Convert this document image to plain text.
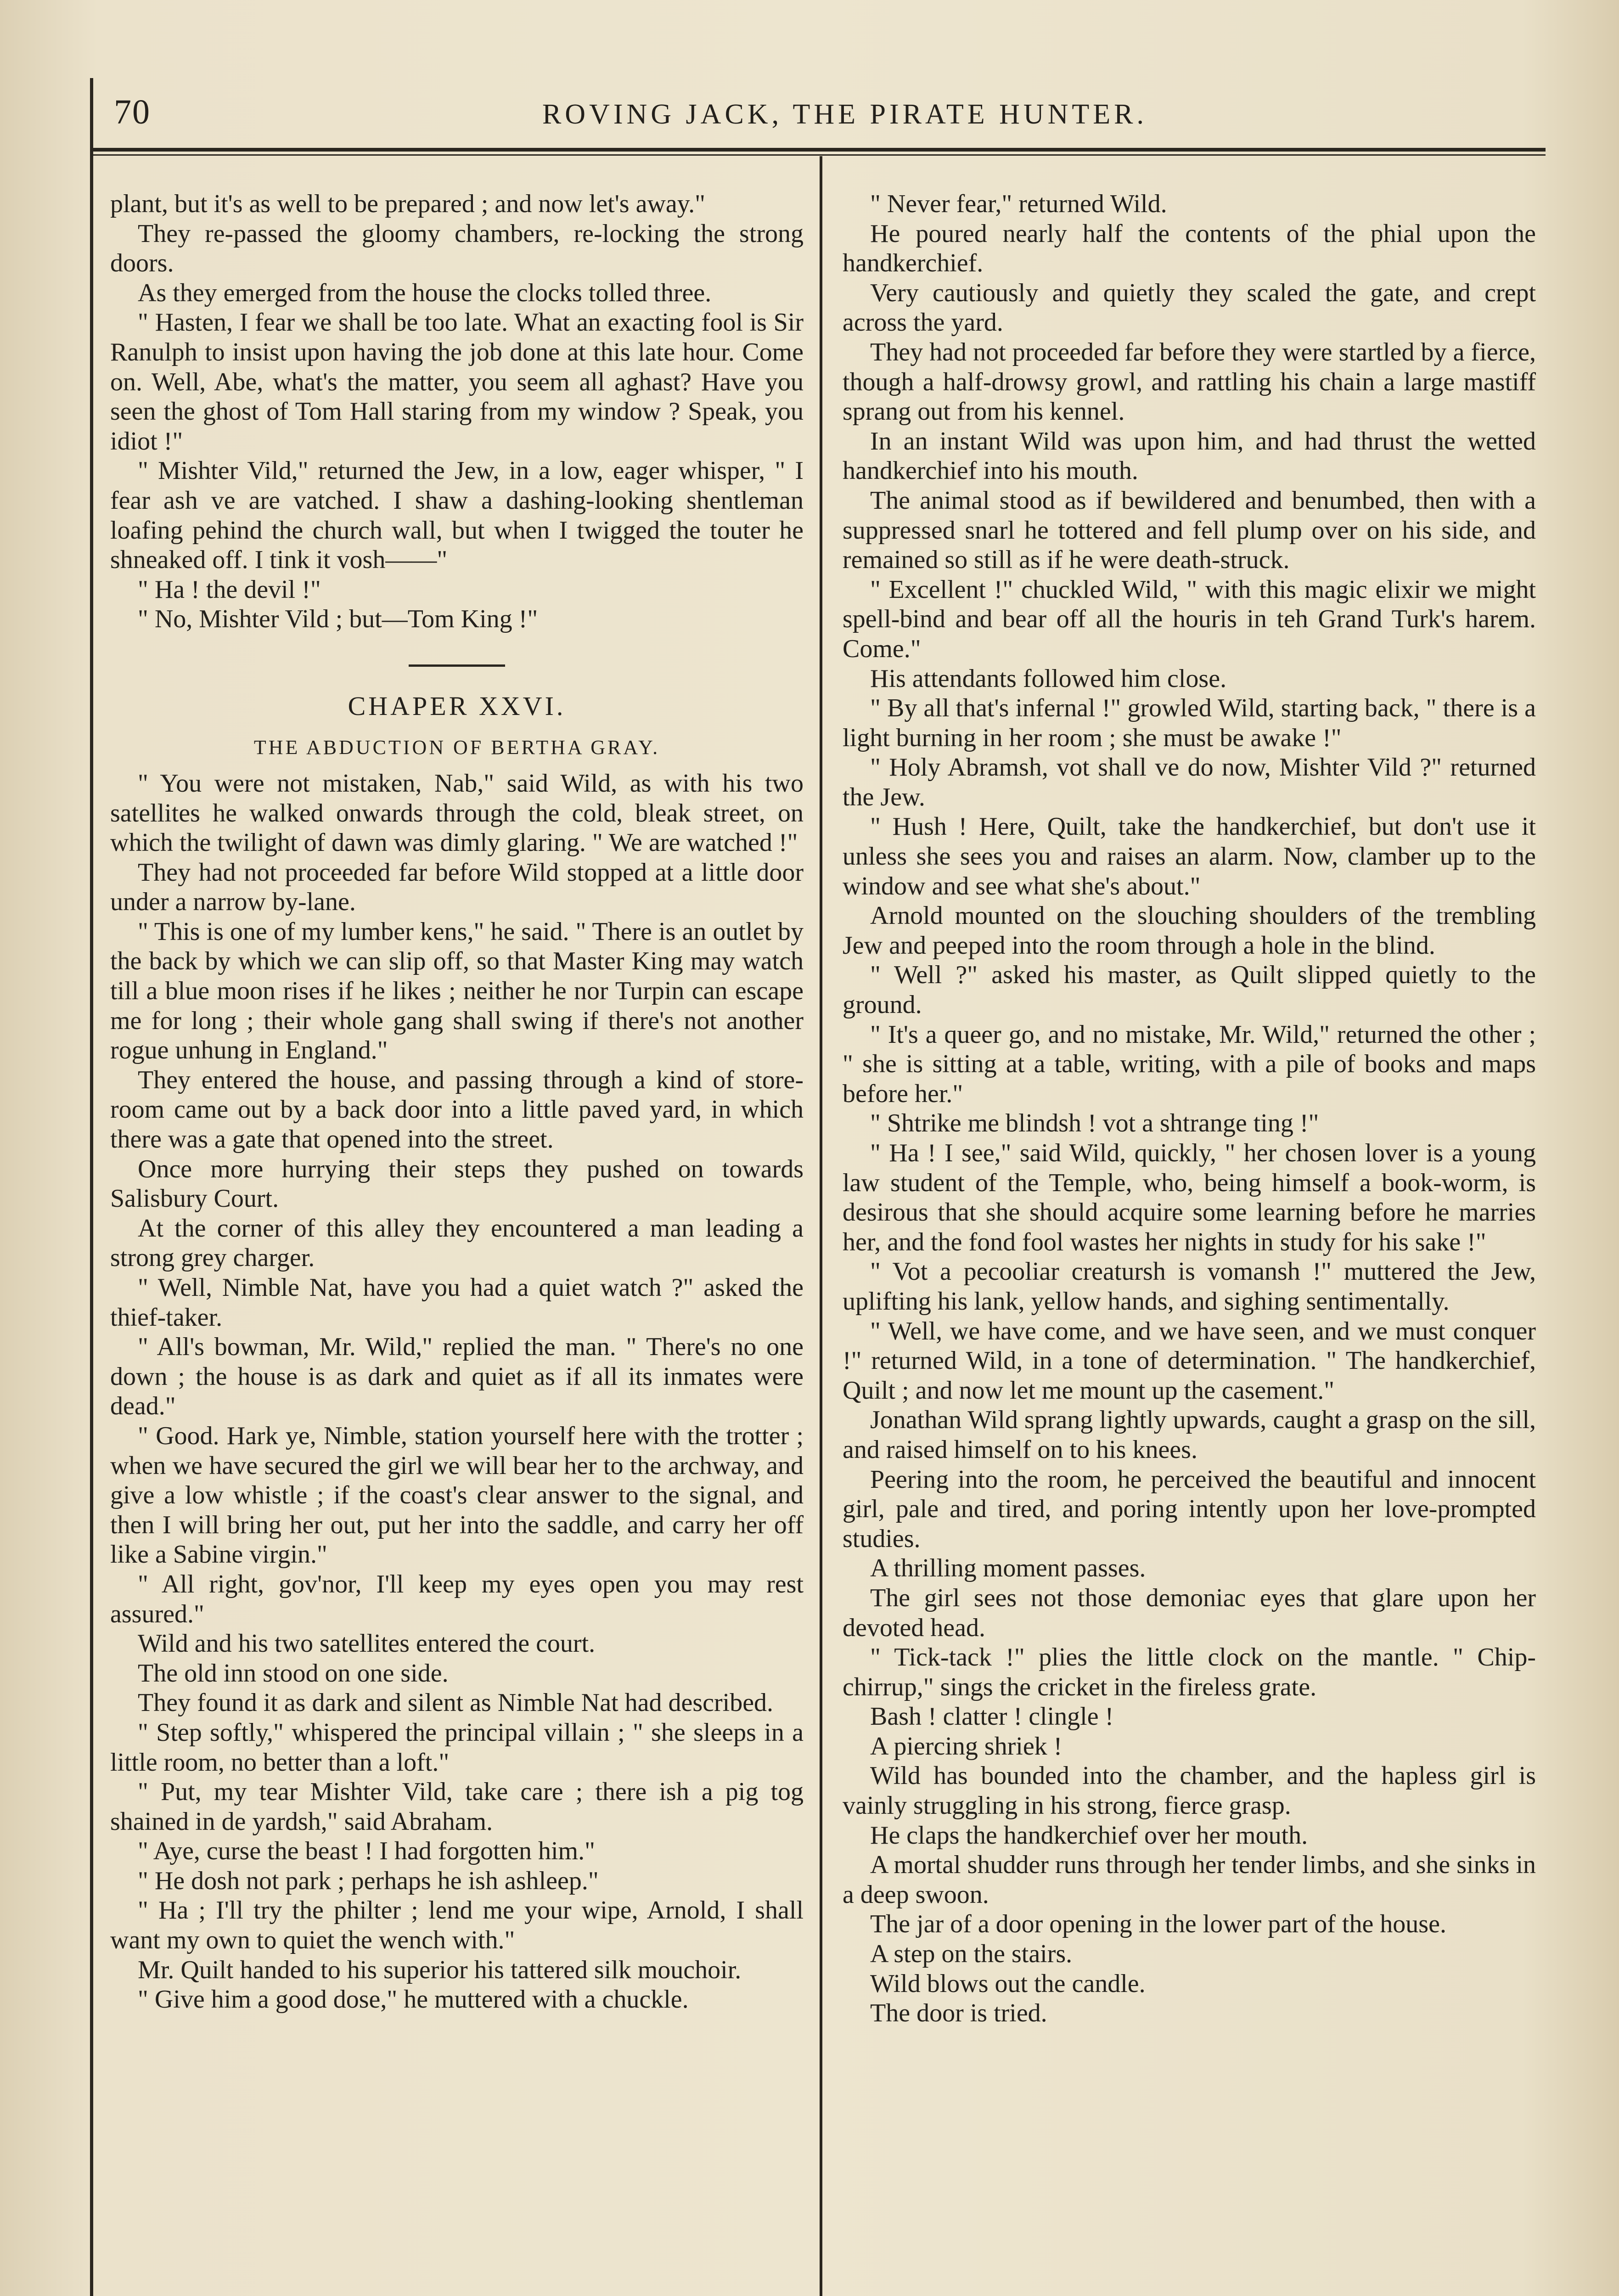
70	ROVING JACK, THE PIRATE HUNTER.

plant, but it's as well to be prepared ; and now let's away."

They re-passed the gloomy chambers, re-locking the strong doors.

As they emerged from the house the clocks tolled three.

" Hasten, I fear we shall be too late. What an exacting fool is Sir Ranulph to insist upon having the job done at this late hour. Come on. Well, Abe, what's the matter, you seem all aghast? Have you seen the ghost of Tom Hall staring from my window ? Speak, you idiot !"

" Mishter Vild," returned the Jew, in a low, eager whisper, " I fear ash ve are vatched. I shaw a dashing-looking shentleman loafing pehind the church wall, but when I twigged the touter he shneaked off. I tink it vosh——"

" Ha ! the devil !"

" No, Mishter Vild ; but—Tom King !"

CHAPER XXVI.

THE ABDUCTION OF BERTHA GRAY.

" You were not mistaken, Nab," said Wild, as with his two satellites he walked onwards through the cold, bleak street, on which the twilight of dawn was dimly glaring. " We are watched !"

They had not proceeded far before Wild stopped at a little door under a narrow by-lane.

" This is one of my lumber kens," he said. " There is an outlet by the back by which we can slip off, so that Master King may watch till a blue moon rises if he likes ; neither he nor Turpin can escape me for long ; their whole gang shall swing if there's not another rogue unhung in England."

They entered the house, and passing through a kind of store-room came out by a back door into a little paved yard, in which there was a gate that opened into the street.

Once more hurrying their steps they pushed on towards Salisbury Court.

At the corner of this alley they encountered a man leading a strong grey charger.

" Well, Nimble Nat, have you had a quiet watch ?" asked the thief-taker.

" All's bowman, Mr. Wild," replied the man. " There's no one down ; the house is as dark and quiet as if all its inmates were dead."

" Good. Hark ye, Nimble, station yourself here with the trotter ; when we have secured the girl we will bear her to the archway, and give a low whistle ; if the coast's clear answer to the signal, and then I will bring her out, put her into the saddle, and carry her off like a Sabine virgin."

" All right, gov'nor, I'll keep my eyes open you may rest assured."

Wild and his two satellites entered the court.

The old inn stood on one side.

They found it as dark and silent as Nimble Nat had described.

" Step softly," whispered the principal villain ; " she sleeps in a little room, no better than a loft."

" Put, my tear Mishter Vild, take care ; there ish a pig tog shained in de yardsh," said Abraham.

" Aye, curse the beast ! I had forgotten him."

" He dosh not park ; perhaps he ish ashleep."

" Ha ; I'll try the philter ; lend me your wipe, Arnold, I shall want my own to quiet the wench with."

Mr. Quilt handed to his superior his tattered silk mouchoir.

" Give him a good dose," he muttered with a chuckle.

" Never fear," returned Wild.

He poured nearly half the contents of the phial upon the handkerchief.

Very cautiously and quietly they scaled the gate, and crept across the yard.

They had not proceeded far before they were startled by a fierce, though a half-drowsy growl, and rattling his chain a large mastiff sprang out from his kennel.

In an instant Wild was upon him, and had thrust the wetted handkerchief into his mouth.

The animal stood as if bewildered and benumbed, then with a suppressed snarl he tottered and fell plump over on his side, and remained so still as if he were death-struck.

" Excellent !" chuckled Wild, " with this magic elixir we might spell-bind and bear off all the houris in teh Grand Turk's harem. Come."

His attendants followed him close.

" By all that's infernal !" growled Wild, starting back, " there is a light burning in her room ; she must be awake !"

" Holy Abramsh, vot shall ve do now, Mishter Vild ?" returned the Jew.

" Hush ! Here, Quilt, take the handkerchief, but don't use it unless she sees you and raises an alarm. Now, clamber up to the window and see what she's about."

Arnold mounted on the slouching shoulders of the trembling Jew and peeped into the room through a hole in the blind.

" Well ?" asked his master, as Quilt slipped quietly to the ground.

" It's a queer go, and no mistake, Mr. Wild," returned the other ; " she is sitting at a table, writing, with a pile of books and maps before her."

" Shtrike me blindsh ! vot a shtrange ting !"

" Ha ! I see," said Wild, quickly, " her chosen lover is a young law student of the Temple, who, being himself a book-worm, is desirous that she should acquire some learning before he marries her, and the fond fool wastes her nights in study for his sake !"

" Vot a pecooliar creatursh is vomansh !" muttered the Jew, uplifting his lank, yellow hands, and sighing sentimentally.

" Well, we have come, and we have seen, and we must conquer !" returned Wild, in a tone of determination. " The handkerchief, Quilt ; and now let me mount up the casement."

Jonathan Wild sprang lightly upwards, caught a grasp on the sill, and raised himself on to his knees.

Peering into the room, he perceived the beautiful and innocent girl, pale and tired, and poring intently upon her love-prompted studies.

A thrilling moment passes.

The girl sees not those demoniac eyes that glare upon her devoted head.

" Tick-tack !" plies the little clock on the mantle. " Chip-chirrup," sings the cricket in the fireless grate.

Bash ! clatter ! clingle !

A piercing shriek !

Wild has bounded into the chamber, and the hapless girl is vainly struggling in his strong, fierce grasp.

He claps the handkerchief over her mouth.

A mortal shudder runs through her tender limbs, and she sinks in a deep swoon.

The jar of a door opening in the lower part of the house.

A step on the stairs.

Wild blows out the candle.

The door is tried.
